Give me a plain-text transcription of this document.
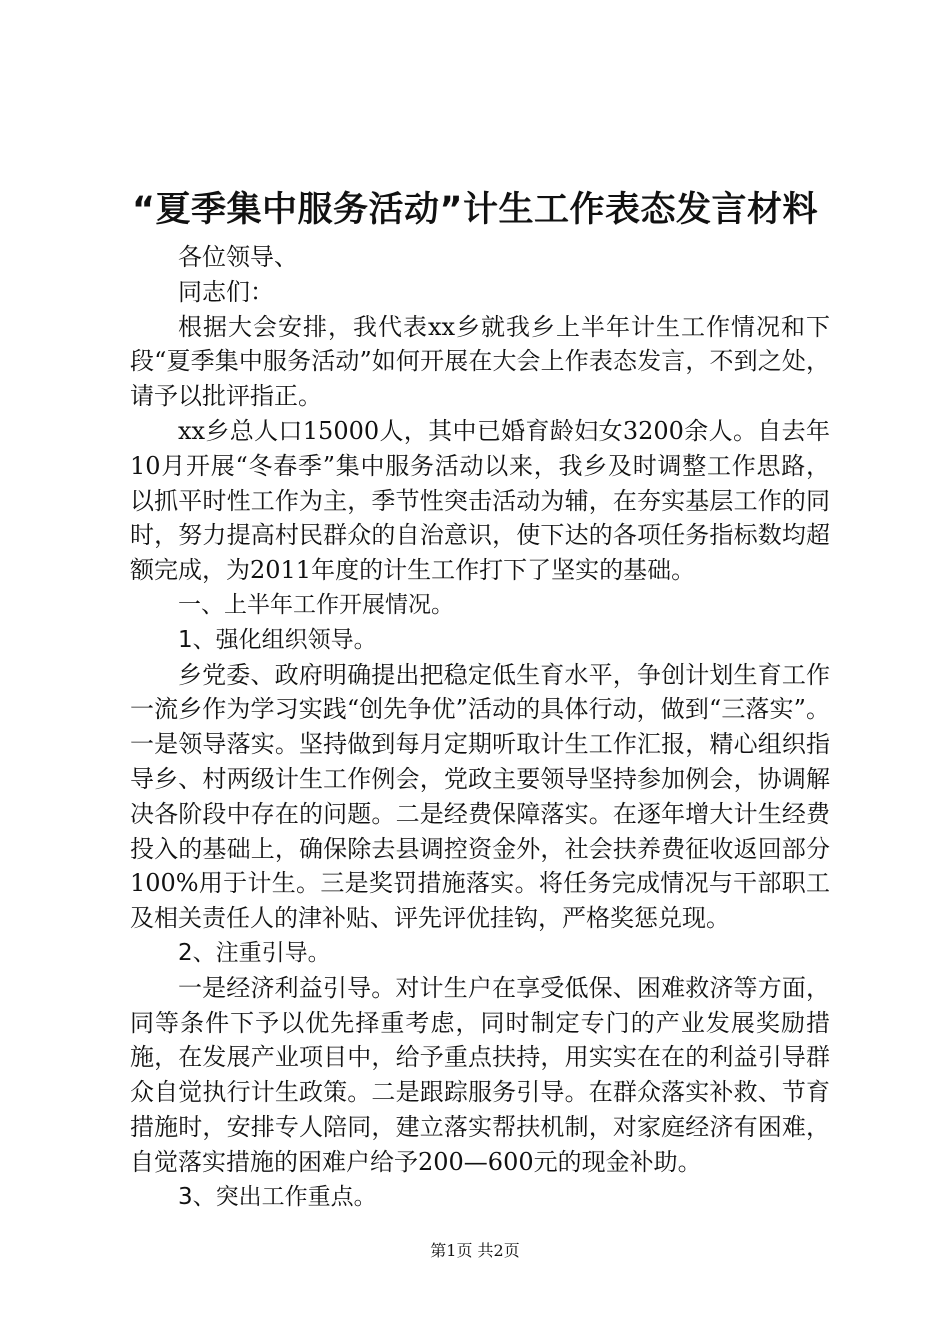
“夏季集中服务活动”计生工作表态发言材料

各位领导、

同志们：

根据大会安排，我代表xx乡就我乡上半年计生工作情况和下段“夏季集中服务活动”如何开展在大会上作表态发言，不到之处，请予以批评指正。

xx乡总人口15000人，其中已婚育龄妇女3200余人。自去年10月开展“冬春季”集中服务活动以来，我乡及时调整工作思路，以抓平时性工作为主，季节性突击活动为辅，在夯实基层工作的同时，努力提高村民群众的自治意识，使下达的各项任务指标数均超额完成，为2011年度的计生工作打下了坚实的基础。

一、上半年工作开展情况。

1、强化组织领导。

乡党委、政府明确提出把稳定低生育水平，争创计划生育工作一流乡作为学习实践“创先争优”活动的具体行动，做到“三落实”。一是领导落实。坚持做到每月定期听取计生工作汇报，精心组织指导乡、村两级计生工作例会，党政主要领导坚持参加例会，协调解决各阶段中存在的问题。二是经费保障落实。在逐年增大计生经费投入的基础上，确保除去县调控资金外，社会扶养费征收返回部分100%用于计生。三是奖罚措施落实。将任务完成情况与干部职工及相关责任人的津补贴、评先评优挂钩，严格奖惩兑现。

2、注重引导。

一是经济利益引导。对计生户在享受低保、困难救济等方面，同等条件下予以优先择重考虑，同时制定专门的产业发展奖励措施，在发展产业项目中，给予重点扶持，用实实在在的利益引导群众自觉执行计生政策。二是跟踪服务引导。在群众落实补救、节育措施时，安排专人陪同，建立落实帮扶机制，对家庭经济有困难，自觉落实措施的困难户给予200—600元的现金补助。

3、突出工作重点。

第1页 共2页
